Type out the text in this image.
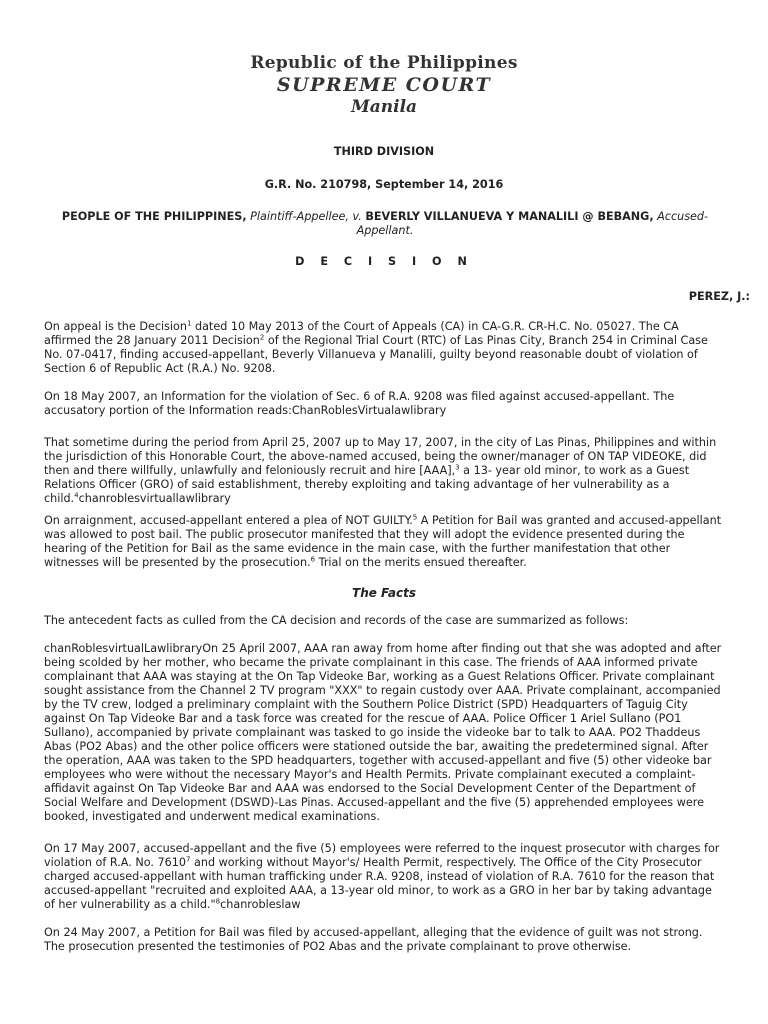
Republic of the Philippines
SUPREME COURT
Manila
THIRD DIVISION
G.R. No. 210798, September 14, 2016
PEOPLE OF THE PHILIPPINES, Plaintiff-Appellee, v. BEVERLY VILLANUEVA Y MANALILI @ BEBANG, Accused-Appellant.
D E C I S I O N
PEREZ, J.:

On appeal is the Decision$^1$ dated 10 May 2013 of the Court of Appeals (CA) in CA-G.R. CR-H.C. No. 05027. The CA affirmed the 28 January 2011 Decision$^2$ of the Regional Trial Court (RTC) of Las Pinas City, Branch 254 in Criminal Case No. 07-0417, finding accused-appellant, Beverly Villanueva y Manalili, guilty beyond reasonable doubt of violation of Section 6 of Republic Act (R.A.) No. 9208.

On 18 May 2007, an Information for the violation of Sec. 6 of R.A. 9208 was filed against accused-appellant. The accusatory portion of the Information reads:ChanRoblesVirtualawlibrary

That sometime during the period from April 25, 2007 up to May 17, 2007, in the city of Las Pinas, Philippines and within the jurisdiction of this Honorable Court, the above-named accused, being the owner/manager of ON TAP VIDEOKE, did then and there willfully, unlawfully and feloniously recruit and hire [AAA],$^3$ a 13- year old minor, to work as a Guest Relations Officer (GRO) of said establishment, thereby exploiting and taking advantage of her vulnerability as a child.$^4$chanroblesvirtuallawlibrary

On arraignment, accused-appellant entered a plea of NOT GUILTY.$^5$ A Petition for Bail was granted and accused-appellant was allowed to post bail. The public prosecutor manifested that they will adopt the evidence presented during the hearing of the Petition for Bail as the same evidence in the main case, with the further manifestation that other witnesses will be presented by the prosecution.$^6$ Trial on the merits ensued thereafter.

The Facts

The antecedent facts as culled from the CA decision and records of the case are summarized as follows:

chanRoblesvirtualLawlibraryOn 25 April 2007, AAA ran away from home after finding out that she was adopted and after being scolded by her mother, who became the private complainant in this case. The friends of AAA informed private complainant that AAA was staying at the On Tap Videoke Bar, working as a Guest Relations Officer. Private complainant sought assistance from the Channel 2 TV program "XXX" to regain custody over AAA. Private complainant, accompanied by the TV crew, lodged a preliminary complaint with the Southern Police District (SPD) Headquarters of Taguig City against On Tap Videoke Bar and a task force was created for the rescue of AAA. Police Officer 1 Ariel Sullano (PO1 Sullano), accompanied by private complainant was tasked to go inside the videoke bar to talk to AAA. PO2 Thaddeus Abas (PO2 Abas) and the other police officers were stationed outside the bar, awaiting the predetermined signal. After the operation, AAA was taken to the SPD headquarters, together with accused-appellant and five (5) other videoke bar employees who were without the necessary Mayor's and Health Permits. Private complainant executed a complaint-affidavit against On Tap Videoke Bar and AAA was endorsed to the Social Development Center of the Department of Social Welfare and Development (DSWD)-Las Pinas. Accused-appellant and the five (5) apprehended employees were booked, investigated and underwent medical examinations.

On 17 May 2007, accused-appellant and the five (5) employees were referred to the inquest prosecutor with charges for violation of R.A. No. 7610$^7$ and working without Mayor's/ Health Permit, respectively. The Office of the City Prosecutor charged accused-appellant with human trafficking under R.A. 9208, instead of violation of R.A. 7610 for the reason that accused-appellant "recruited and exploited AAA, a 13-year old minor, to work as a GRO in her bar by taking advantage of her vulnerability as a child."$^8$chanrobleslaw

On 24 May 2007, a Petition for Bail was filed by accused-appellant, alleging that the evidence of guilt was not strong. The prosecution presented the testimonies of PO2 Abas and the private complainant to prove otherwise.
